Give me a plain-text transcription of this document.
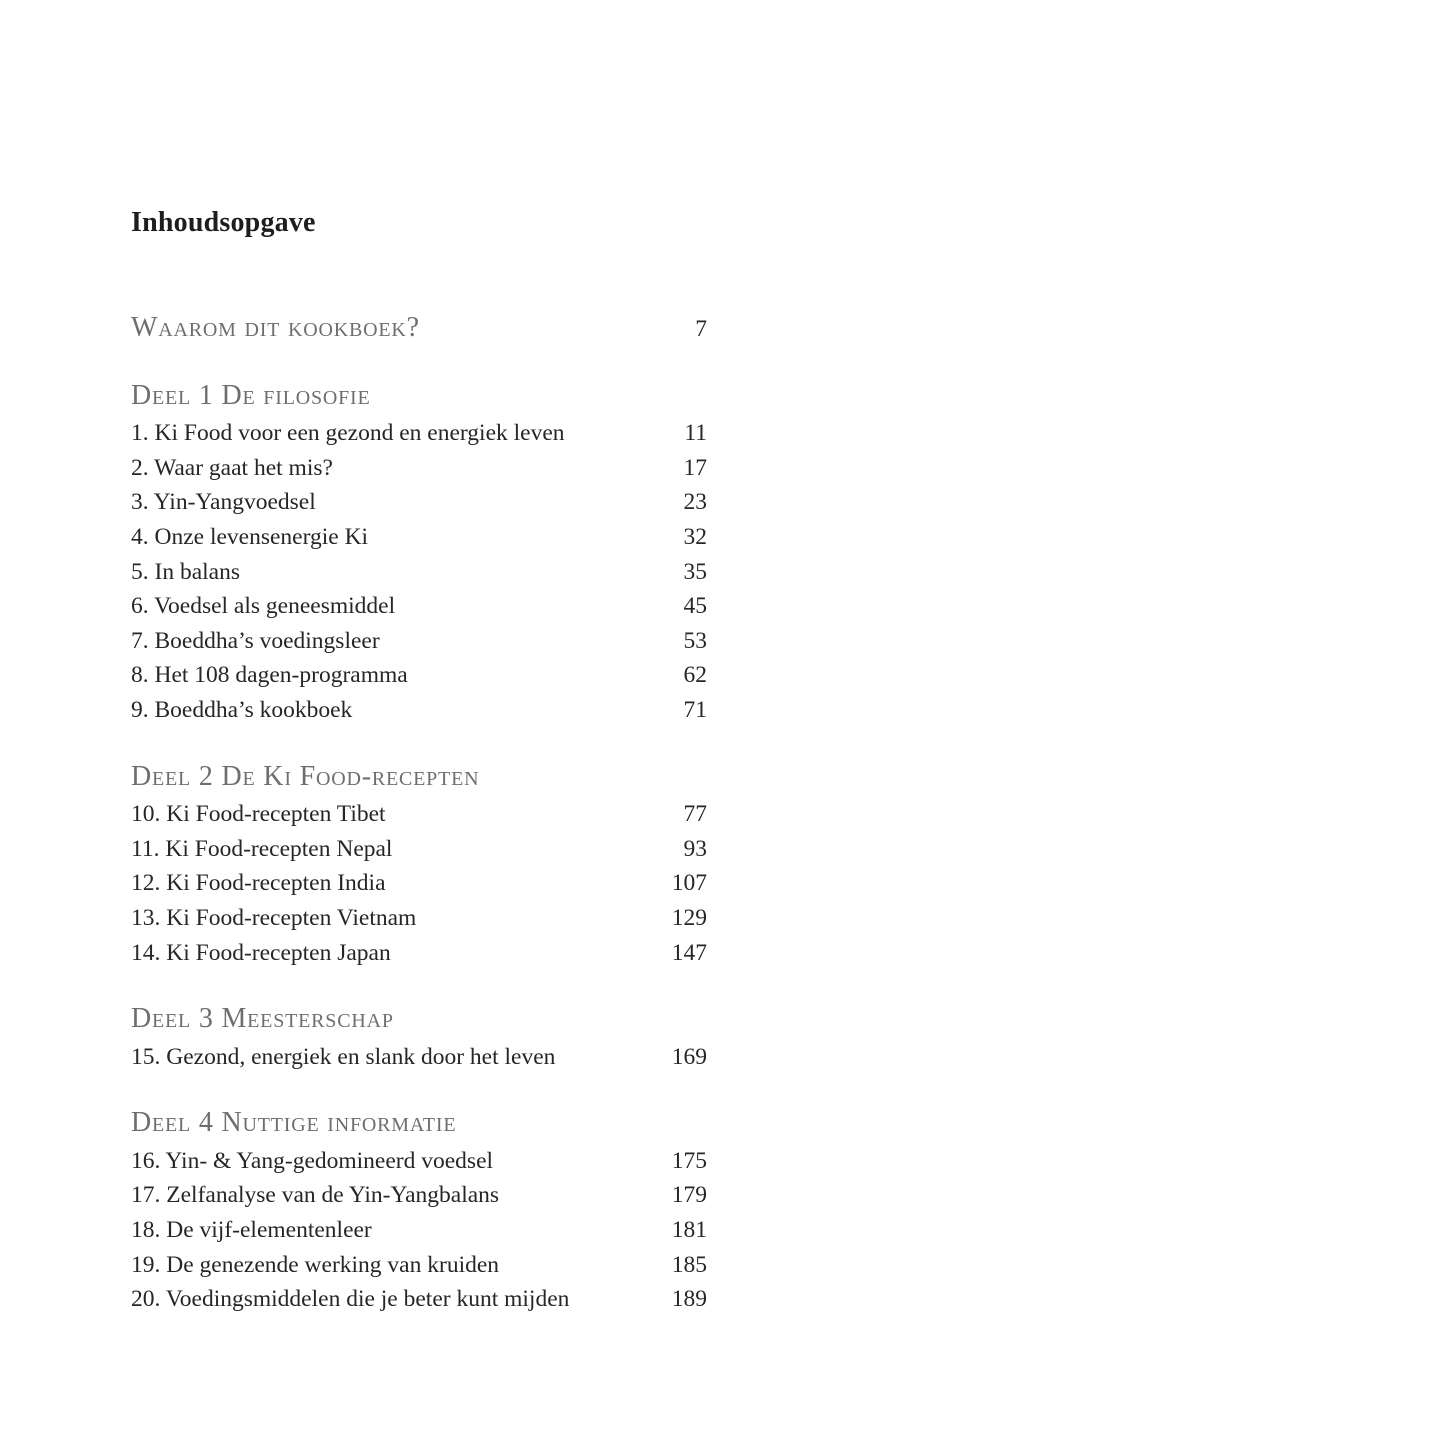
Inhoudsopgave
Waarom dit kookboek?	7
Deel 1 De filosofie
1. Ki Food voor een gezond en energiek leven	11
2. Waar gaat het mis?	17
3. Yin-Yangvoedsel	23
4. Onze levensenergie Ki	32
5. In balans	35
6. Voedsel als geneesmiddel	45
7. Boeddha’s voedingsleer	53
8. Het 108 dagen-programma	62
9. Boeddha’s kookboek	71
Deel 2 De Ki Food-recepten
10. Ki Food-recepten Tibet	77
11. Ki Food-recepten Nepal	93
12. Ki Food-recepten India	107
13. Ki Food-recepten Vietnam	129
14. Ki Food-recepten Japan	147
Deel 3 Meesterschap
15. Gezond, energiek en slank door het leven	169
Deel 4 Nuttige informatie
16. Yin- & Yang-gedomineerd voedsel	175
17. Zelfanalyse van de Yin-Yangbalans	179
18. De vijf-elementenleer	181
19. De genezende werking van kruiden	185
20. Voedingsmiddelen die je beter kunt mijden	189
